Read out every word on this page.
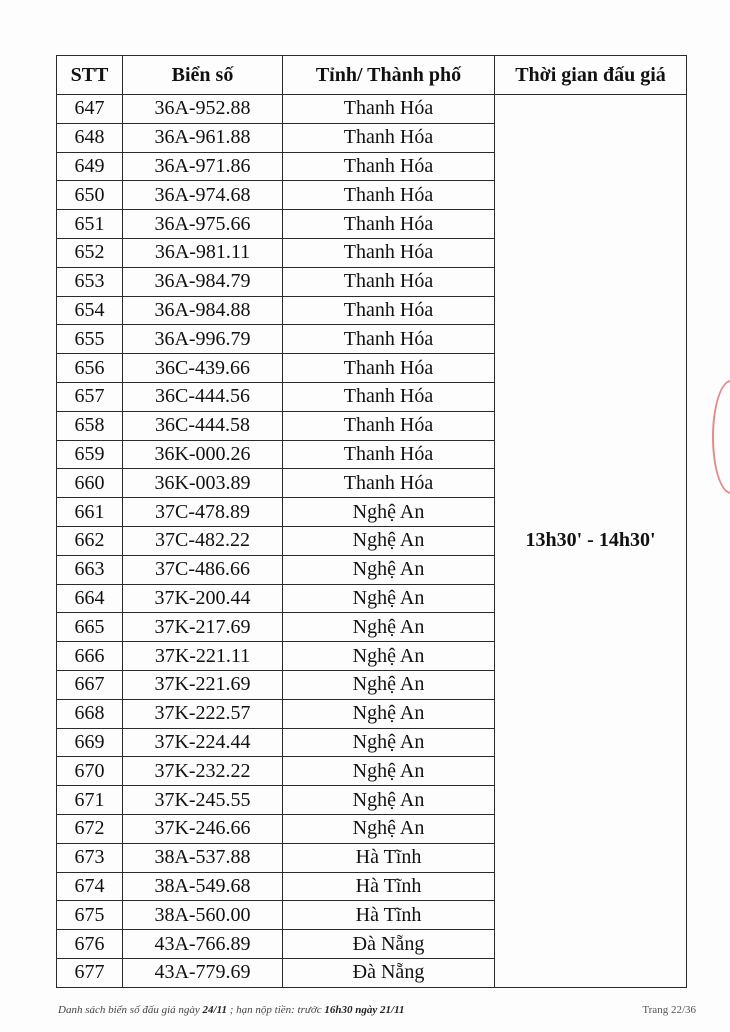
STT	Biển số	Tỉnh/ Thành phố	Thời gian đấu giá
647	36A-952.88	Thanh Hóa	13h30' - 14h30'
648	36A-961.88	Thanh Hóa	
649	36A-971.86	Thanh Hóa	
650	36A-974.68	Thanh Hóa	
651	36A-975.66	Thanh Hóa	
652	36A-981.11	Thanh Hóa	
653	36A-984.79	Thanh Hóa	
654	36A-984.88	Thanh Hóa	
655	36A-996.79	Thanh Hóa	
656	36C-439.66	Thanh Hóa	
657	36C-444.56	Thanh Hóa	
658	36C-444.58	Thanh Hóa	
659	36K-000.26	Thanh Hóa	
660	36K-003.89	Thanh Hóa	
661	37C-478.89	Nghệ An	
662	37C-482.22	Nghệ An	
663	37C-486.66	Nghệ An	
664	37K-200.44	Nghệ An	
665	37K-217.69	Nghệ An	
666	37K-221.11	Nghệ An	
667	37K-221.69	Nghệ An	
668	37K-222.57	Nghệ An	
669	37K-224.44	Nghệ An	
670	37K-232.22	Nghệ An	
671	37K-245.55	Nghệ An	
672	37K-246.66	Nghệ An	
673	38A-537.88	Hà Tĩnh	
674	38A-549.68	Hà Tĩnh	
675	38A-560.00	Hà Tĩnh	
676	43A-766.89	Đà Nẵng	
677	43A-779.69	Đà Nẵng	
Danh sách biển số đấu giá ngày 24/11 ; hạn nộp tiền: trước 16h30 ngày 21/11	Trang 22/36
